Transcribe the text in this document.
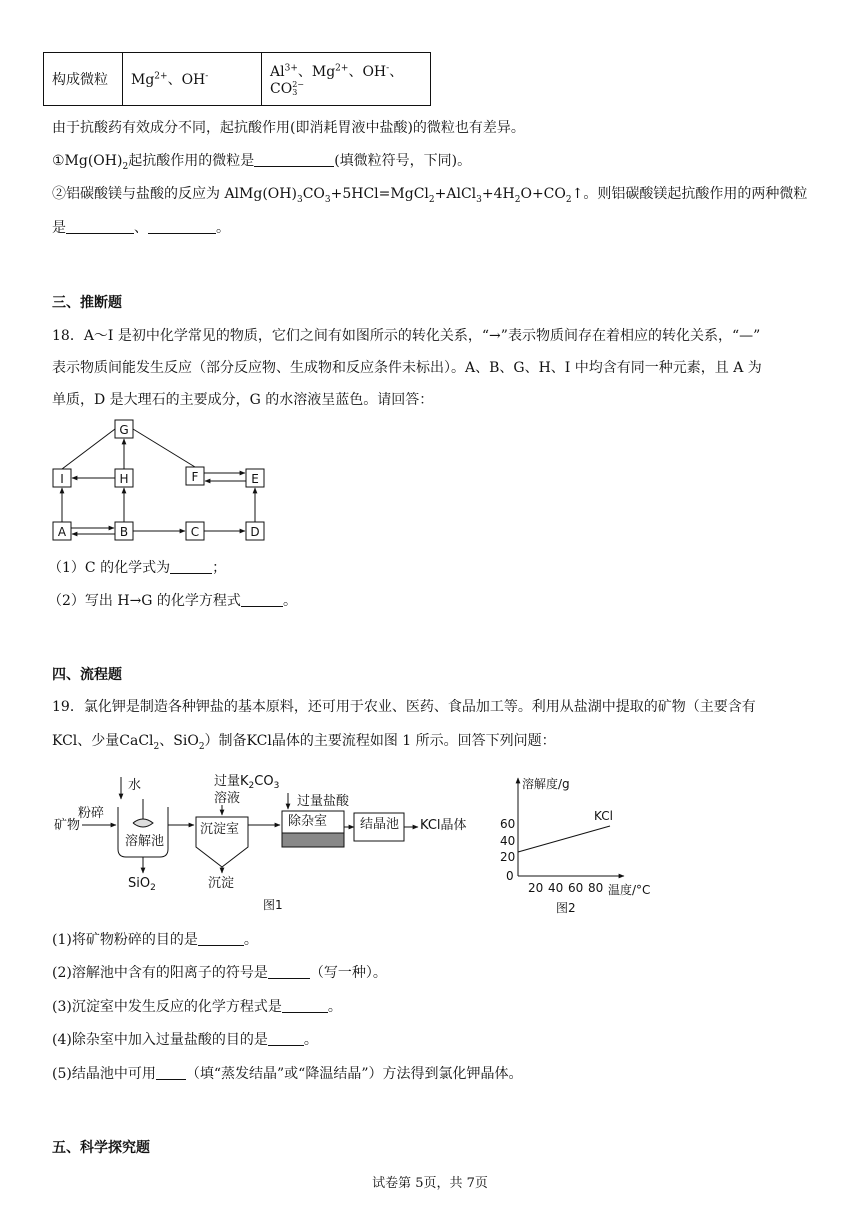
构成微粒	$Mg^{2+}$、OH-	$Al^{3+}$、$Mg^{2+}$、OH-、CO 2−
3
由于抗酸药有效成分不同，起抗酸作用(即消耗胃液中盐酸)的微粒也有差异。
$①Mg(OH)_2$起抗酸作用的微粒是	(填微粒符号，下同)。
②铝碳酸镁与盐酸的反应为 $AlMg(OH)_3CO_3+5HCl=MgCl_2+AlCl_3+4H_2O+CO_2↑$。则铝碳酸镁起抗酸作用的两种微粒
是	、	。
三、推断题
18．A～I 是初中化学常见的物质，它们之间有如图所示的转化关系，“→”表示物质间存在着相应的转化关系，“—”
表示物质间能发生反应（部分反应物、生成物和反应条件未标出）。A、B、G、H、I 中均含有同一种元素，且 A 为
单质，D 是大理石的主要成分，G 的水溶液呈蓝色。请回答：
G
I	H	F	E
A	B	C	D
（1）C 的化学式为	；
（2）写出 H→G 的化学方程式	。
四、流程题
19．氯化钾是制造各种钾盐的基本原料，还可用于农业、医药、食品加工等。利用从盐湖中提取的矿物（主要含有
KCl、少量CaCl$_2$、SiO$_2$）制备KCl晶体的主要流程如图 1 所示。回答下列问题：
矿物
粉碎
水
溶解池
SiO$_2$
过量$K_2CO_3$
溶液
沉淀室
沉淀
过量盐酸
除杂室	结晶池 KCl晶体
图1
溶解度/g
KCl
60
40
20
0
20 40 60 80 温度/°C
图2
(1)将矿物粉碎的目的是	。
(2)溶解池中含有的阳离子的符号是	（写一种）。
(3)沉淀室中发生反应的化学方程式是	。
(4)除杂室中加入过量盐酸的目的是	。
(5)结晶池中可用 （填“蒸发结晶”或“降温结晶”）方法得到氯化钾晶体。
五、科学探究题
试卷第 5页，共 7页
